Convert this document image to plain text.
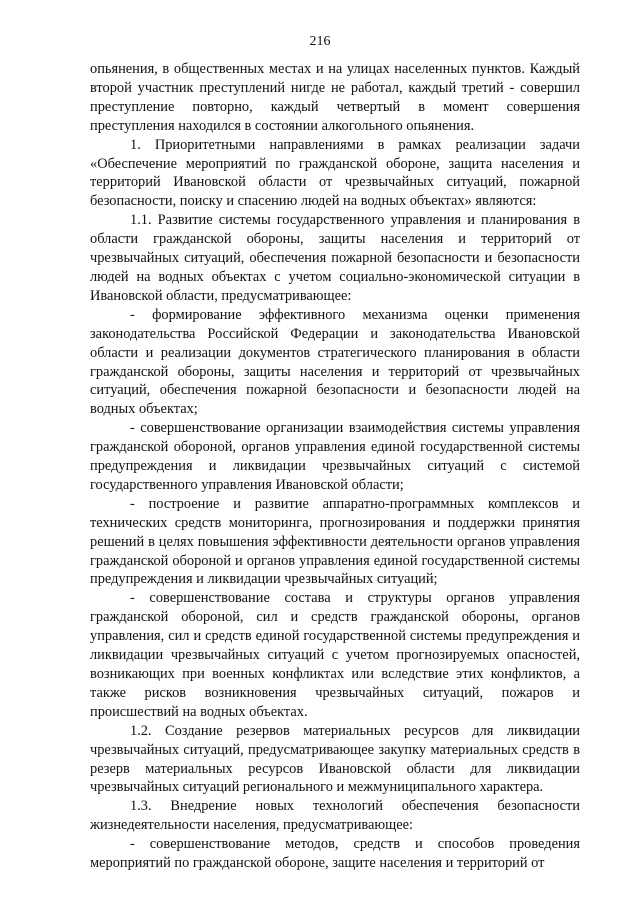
216

опьянения, в общественных местах и на улицах населенных пунктов. Каждый второй участник преступлений нигде не работал, каждый третий - совершил преступление повторно, каждый четвертый в момент совершения преступления находился в состоянии алкогольного опьянения.

1. Приоритетными направлениями в рамках реализации задачи «Обеспечение мероприятий по гражданской обороне, защита населения и территорий Ивановской области от чрезвычайных ситуаций, пожарной безопасности, поиску и спасению людей на водных объектах» являются:

1.1. Развитие системы государственного управления и планирования в области гражданской обороны, защиты населения и территорий от чрезвычайных ситуаций, обеспечения пожарной безопасности и безопасности людей на водных объектах с учетом социально-экономической ситуации в Ивановской области, предусматривающее:

- формирование эффективного механизма оценки применения законодательства Российской Федерации и законодательства Ивановской области и реализации документов стратегического планирования в области гражданской обороны, защиты населения и территорий от чрезвычайных ситуаций, обеспечения пожарной безопасности и безопасности людей на водных объектах;

- совершенствование организации взаимодействия системы управления гражданской обороной, органов управления единой государственной системы предупреждения и ликвидации чрезвычайных ситуаций с системой государственного управления Ивановской области;

- построение и развитие аппаратно-программных комплексов и технических средств мониторинга, прогнозирования и поддержки принятия решений в целях повышения эффективности деятельности органов управления гражданской обороной и органов управления единой государственной системы предупреждения и ликвидации чрезвычайных ситуаций;

- совершенствование состава и структуры органов управления гражданской обороной, сил и средств гражданской обороны, органов управления, сил и средств единой государственной системы предупреждения и ликвидации чрезвычайных ситуаций с учетом прогнозируемых опасностей, возникающих при военных конфликтах или вследствие этих конфликтов, а также рисков возникновения чрезвычайных ситуаций, пожаров и происшествий на водных объектах.

1.2. Создание резервов материальных ресурсов для ликвидации чрезвычайных ситуаций, предусматривающее закупку материальных средств в резерв материальных ресурсов Ивановской области для ликвидации чрезвычайных ситуаций регионального и межмуниципального характера.

1.3. Внедрение новых технологий обеспечения безопасности жизнедеятельности населения, предусматривающее:

- совершенствование методов, средств и способов проведения мероприятий по гражданской обороне, защите населения и территорий от
